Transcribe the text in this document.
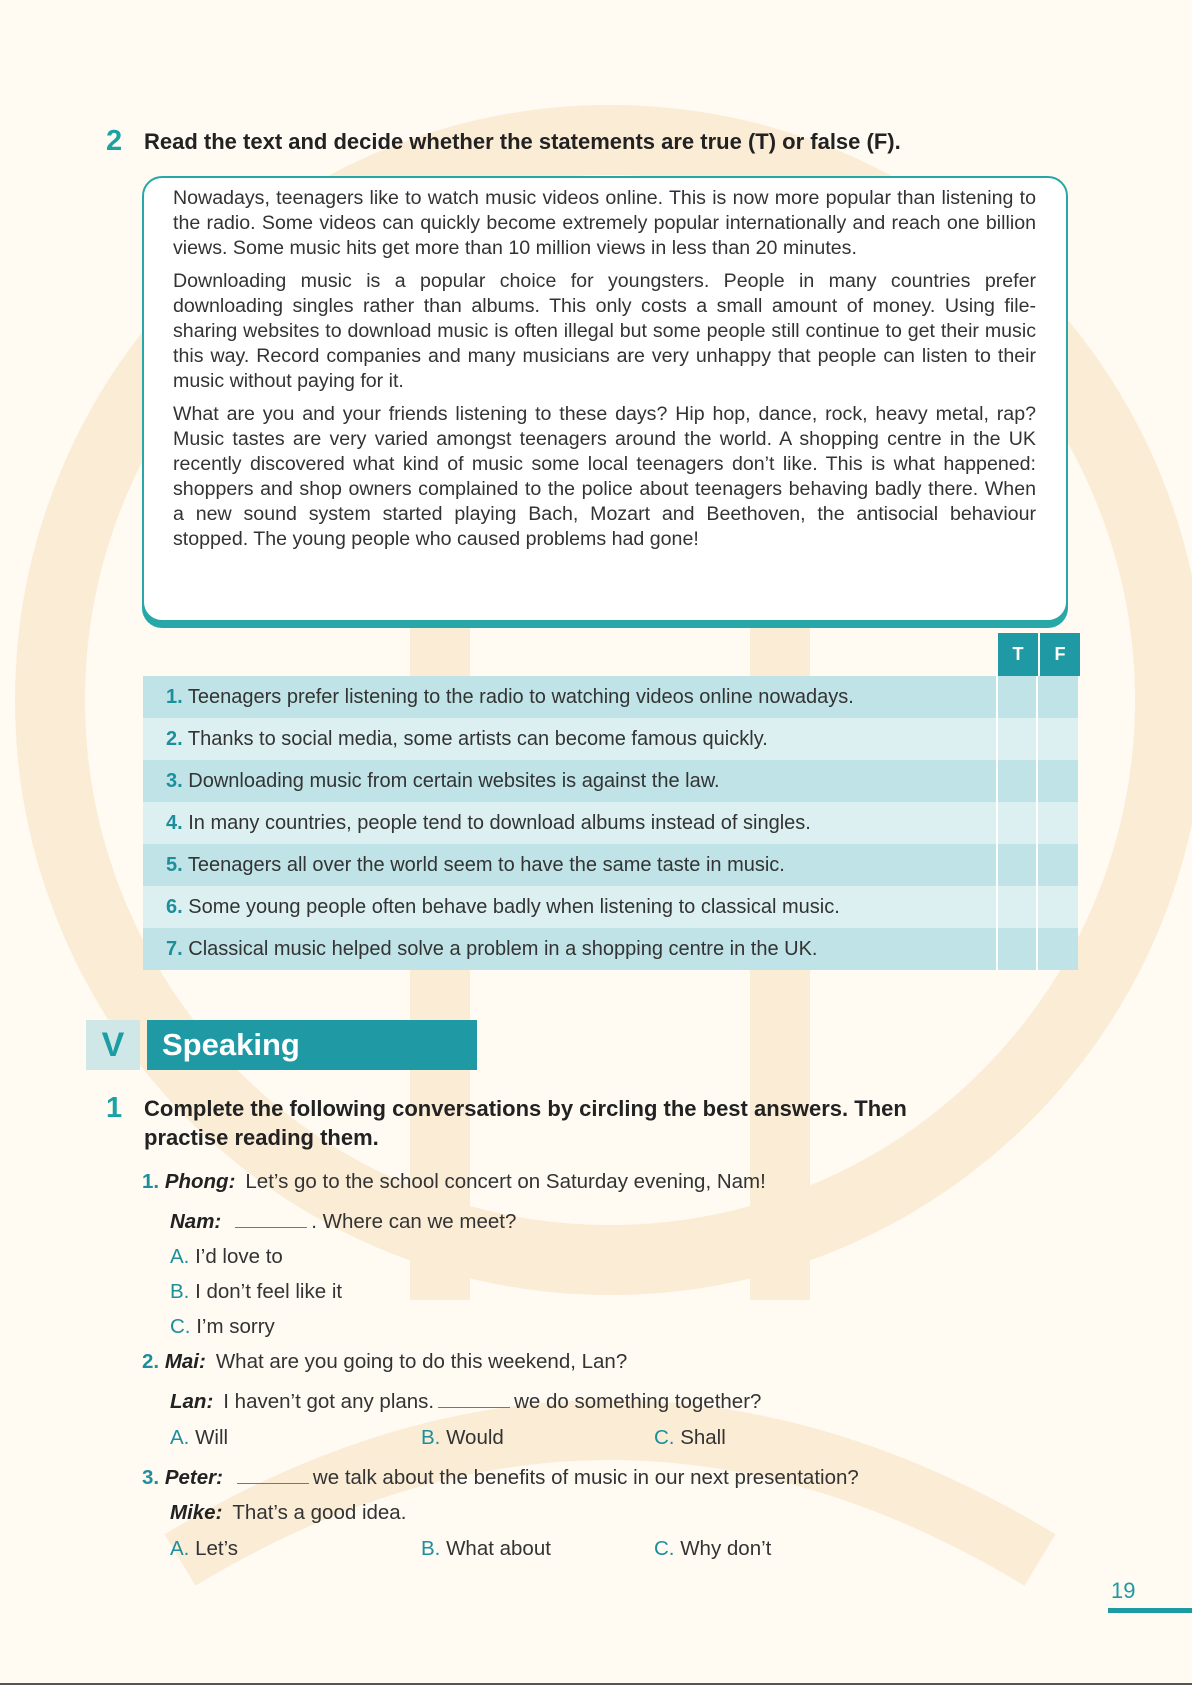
2 Read the text and decide whether the statements are true (T) or false (F).

Nowadays, teenagers like to watch music videos online. This is now more popular than listening to the radio. Some videos can quickly become extremely popular internationally and reach one billion views. Some music hits get more than 10 million views in less than 20 minutes.

Downloading music is a popular choice for youngsters. People in many countries prefer downloading singles rather than albums. This only costs a small amount of money. Using file-sharing websites to download music is often illegal but some people still continue to get their music this way. Record companies and many musicians are very unhappy that people can listen to their music without paying for it.

What are you and your friends listening to these days? Hip hop, dance, rock, heavy metal, rap? Music tastes are very varied amongst teenagers around the world. A shopping centre in the UK recently discovered what kind of music some local teenagers don’t like. This is what happened: shoppers and shop owners complained to the police about teenagers behaving badly there. When a new sound system started playing Bach, Mozart and Beethoven, the antisocial behaviour stopped. The young people who caused problems had gone!

T	F
1. Teenagers prefer listening to the radio to watching videos online nowadays.
2. Thanks to social media, some artists can become famous quickly.
3. Downloading music from certain websites is against the law.
4. In many countries, people tend to download albums instead of singles.
5. Teenagers all over the world seem to have the same taste in music.
6. Some young people often behave badly when listening to classical music.
7. Classical music helped solve a problem in a shopping centre in the UK.
V	Speaking
1 Complete the following conversations by circling the best answers. Then
practise reading them.
1. Phong: Let’s go to the school concert on Saturday evening, Nam!
Nam:	. Where can we meet?
A. I’d love to
B. I don’t feel like it
C. I’m sorry
2. Mai: What are you going to do this weekend, Lan?
Lan: I haven’t got any plans.	we do something together?
A. Will	B. Would	C. Shall
3. Peter:	we talk about the benefits of music in our next presentation?
Mike: That’s a good idea.
A. Let’s	B. What about	C. Why don’t
19
